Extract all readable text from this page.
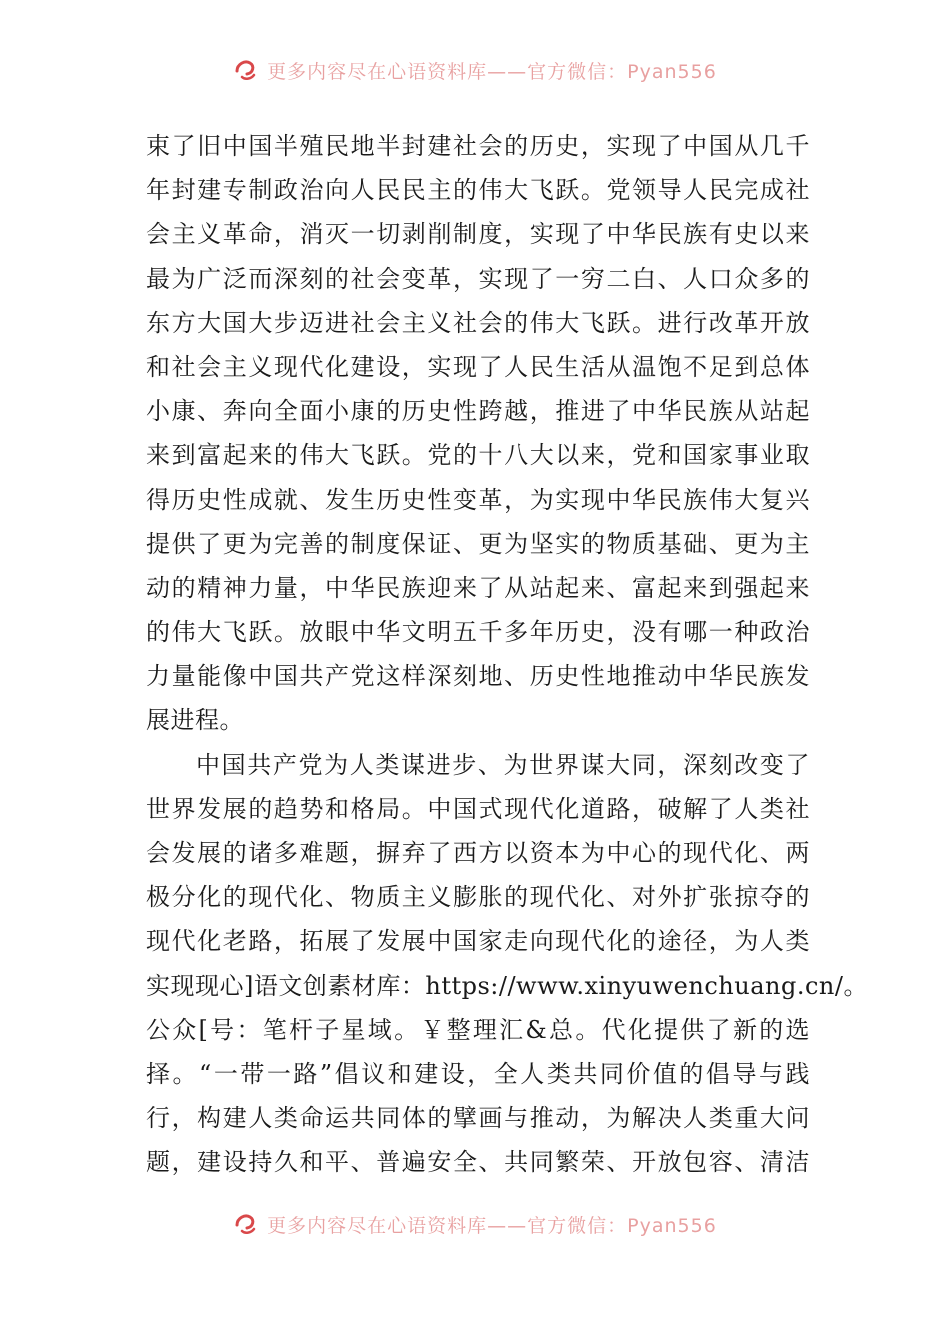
更多内容尽在心语资料库——官方微信：Pyan556
束了旧中国半殖民地半封建社会的历史，实现了中国从几千
年封建专制政治向人民民主的伟大飞跃。党领导人民完成社
会主义革命，消灭一切剥削制度，实现了中华民族有史以来
最为广泛而深刻的社会变革，实现了一穷二白、人口众多的
东方大国大步迈进社会主义社会的伟大飞跃。进行改革开放
和社会主义现代化建设，实现了人民生活从温饱不足到总体
小康、奔向全面小康的历史性跨越，推进了中华民族从站起
来到富起来的伟大飞跃。党的十八大以来，党和国家事业取
得历史性成就、发生历史性变革，为实现中华民族伟大复兴
提供了更为完善的制度保证、更为坚实的物质基础、更为主
动的精神力量，中华民族迎来了从站起来、富起来到强起来
的伟大飞跃。放眼中华文明五千多年历史，没有哪一种政治
力量能像中国共产党这样深刻地、历史性地推动中华民族发
展进程。
中国共产党为人类谋进步、为世界谋大同，深刻改变了
世界发展的趋势和格局。中国式现代化道路，破解了人类社
会发展的诸多难题，摒弃了西方以资本为中心的现代化、两
极分化的现代化、物质主义膨胀的现代化、对外扩张掠夺的
现代化老路，拓展了发展中国家走向现代化的途径，为人类
实现现心]语文创素材库：https://www.xinyuwenchuang.cn/。
公众[号：笔杆子星域。￥整理汇&总。代化提供了新的选
择。“一带一路”倡议和建设，全人类共同价值的倡导与践
行，构建人类命运共同体的擘画与推动，为解决人类重大问
题，建设持久和平、普遍安全、共同繁荣、开放包容、清洁
更多内容尽在心语资料库——官方微信：Pyan556
